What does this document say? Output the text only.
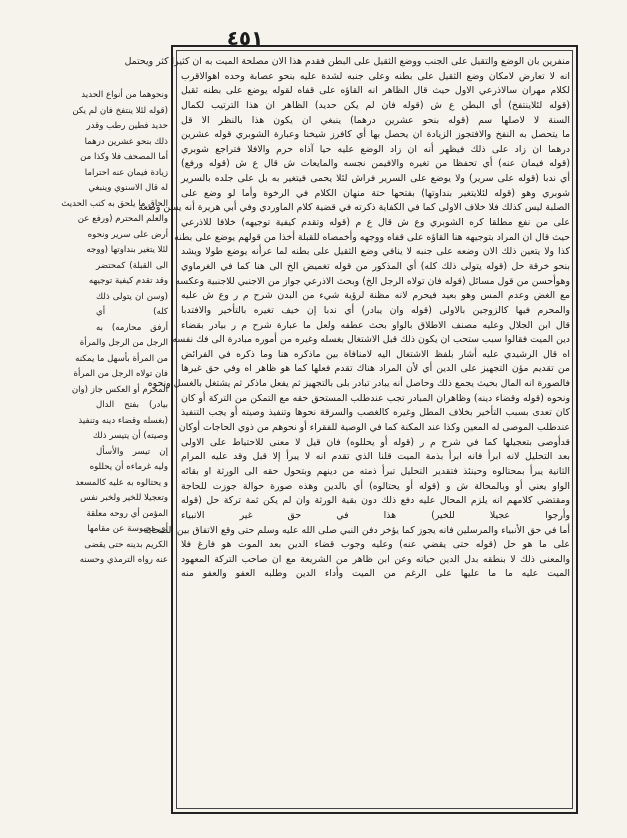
٤٥١
منفرين بان الوضع والتقيل على الجنب ووضع الثقيل على البطن فقدم هذا الان مصلحة الميت به ان كثيرا كثر ويحتمل
انه لا تعارض لامكان وضع الثقيل على بطنه وعلى جنبه لشدة عليه بنحو عصابة وحده اهوالاقرب
لكلام مهران سالاذرعي الاول حيث قال الظاهر انه القاؤه على قفاه لقوله يوضع على بطنه ثقيل
(قوله لئلاينتفخ) أي البطن ع ش (قوله فان لم يكن حديد) الظاهر ان هذا الترتيب لكمال
السنة لا لاصلها سم (قوله بنحو عشرين درهما) ينبغي ان يكون هذا بالنظر الا قل
ما يتحصل به النفخ والافتجوز الزيادة ان يحصل بها أي كافرز شيخنا وعبارة الشوبري قوله عشرين
درهما ان زاد على ذلك فيظهر أنه ان زاد الوضع عليه حيا آذاه حرم والافلا فتراجع شوبري
(قوله فيمان عنه) أي تحفظا من تغيره والافيمن نجسه والمايعات ش قال ع ش (قوله ورفع)
أي ندبا (قوله على سرير) ولا يوضع على السرير فراش لئلا يحمى فيتغير به بل على جلده بالسرير
شوبري وهو (قوله لئلايتغير بنداوتها) بفتحها حتة منهان الكلام في الرخوة وأما لو وضع على
الصلبة ليس كذلك فلا خلاف الاولى كما في الكفاية ذكرته في قضية كلام الماوردي وفي أبي هريرة أنه يسن وضعه
على من نفع مطلقا كره الشوبري وع ش قال ع م (قوله وتقدم كيفية توجيهه) خلافا للاذرعي
حيث قال ان المراد بتوجيهه هنا القاؤه على قفاه ووجهه وأخمصاه للقبلة أخذا من قولهم يوضع على بطنه
كذا ولا يتعين ذلك الان وضعه على جنبه لا ينافي وضع الثقيل على بطنه لما عرأنه يوضع طولا ويشد
بنحو خرقة حل (قوله يتولى ذلك كله) أي المذكور من قوله تغميض الخ الى هنا كما في الغرماوي
وهوأحسن من قول مسائل (قوله فان تولاه الرجل الخ) وبحث الاذرعي جواز من الاجنبي للاجنبية وعكسه
مع الغض وعدم المس وهو بعيد فيحرم لانه مظنة لرؤية شيء من البدن شرح م ر وع ش عليه
والمحرم فيها كالزوجين بالاولى (قوله وان يبادر) أي ندبا إن خيف تغيره بالتأخير والافتدبا
قال ابن الجلال وعليه مصنف الاطلاق بالواو بحث عطفه ولعل ما عبارة شرح م ر بيادر بقضاء
دين الميت فقالوا سبب ستحب ان يكون ذلك قبل الاشتغال بغسله وغيره من أموره مبادرة الى فك نفسه
اه قال الرشيدي عليه أشار بلفظ الاشتغال اليه لامنافاة بين ماذكره هنا وما ذكره في الفرائض
من تقديم مؤن التجهيز على الدين أي لأن المراد هناك تقدم فعلها كما هو ظاهر اه وفي حق غيرها
فالصورة انه المال بحيث يجمع ذلك وحاصل أنه يبادر تبادر بلى بالتجهيز ثم يفعل ماذكر ثم يشتغل بالغسل ونحوه
ونحوه (قوله وقضاء دينه) وظاهران المبادر تجب عندطلب المستحق حقه مع التمكن من التركة أو كان
كان تعدى بسبب التأخير بخلاف المطل وغيره كالغصب والسرقة نحوها وتنفيذ وصيته أو يجب التنفيذ
عندطلب الموصى له المعين وكذا عند المكنة كما في الوصية للفقراء أو نحوهم من ذوي الحاجات أوكان
قدأوصى بتعجيلها كما في شرح م ر (قوله أو يحللوه) فان قيل لا معنى للاحتياط على الاولى
بعد التحليل لانه ابرأ فانه ابرأ بذمة الميت قلنا الذي تقدم انه لا يبرأ إلا قبل وقد عليه المرام
الثانية يبرأ بمحتالوه وحينئذ فتقدير التحليل تبرأ ذمته من دينهم وبتحول حقه الى الورثة او بقائه
الواو يعني أو وبالمحالة ش و (قوله أو يحتالوه) أي بالدين وهذه صورة حوالة جوزت للحاجة
ومقتضي كلامهم انه يلزم المحال عليه دفع ذلك دون بقية الورثة وان لم يكن ثمة تركة حل (قوله
وأرجوا عجيلا للخير) هذا في حق غير الانبياء
أما في حق الأنبياء والمرسلين فانه يجوز كما يؤخر دفن النبي صلى الله عليه وسلم حتى وقع الاتفاق بين الصحابة
على ما هو حل (قوله حتى يقضي عنه) وعليه وجوب قضاء الدين بعد الموت هو فارغ فلا
والمعنى ذلك لا بنطقه بدل الدين حياته وعن ابن ظاهر من الشريعة مع ان صاحب التركة المعهود
الميت عليه ما ما عليها على الرغم من الميت وأداء الدين وطلبه العفو والعفو منه
ونحوهما من أنواع الحديد
(قوله لئلا ينتفخ فان لم يكن
حديد فطين رطب وقدر
ذلك بنحو عشرين درهما
أما المصحف فلا وكذا من
زيادة فيمان عنه احتراما
له قال الاسنوي وينبغي
الحاق ما يلحق به كتب الحديث
والعلم المحترم (ورفع عن
أرض على سرير ونحوه
لئلا يتغير بنداوتها (ووجه
الى القبلة) كمحتضر
وقد تقدم كيفية توجيهه
(وسن ان يتولى ذلك
كله) أي
أرفق محارمه) به
الرجل من الرجل والمرأة
من المرأة بأسهل ما يمكنه
فان تولاه الرجل من المرأة
المحرم أو العكس جاز (وان
بيادر) بفتح الدال
(بغسله وقضاء دينه وتنفيذ
وصيته) أن يتيسر ذلك
إن تيسر والأسأل
وليه غرماءه أن يحللوه
و يحتالوه به عليه كالمسعد
وتعجيلا للخير ولخبر نفس
المؤمن أي روحه معلقة
أي محبوسة عن مقامها
الكريم بدينه حتى يقضى
عنه رواه الترمذي وحسنه
